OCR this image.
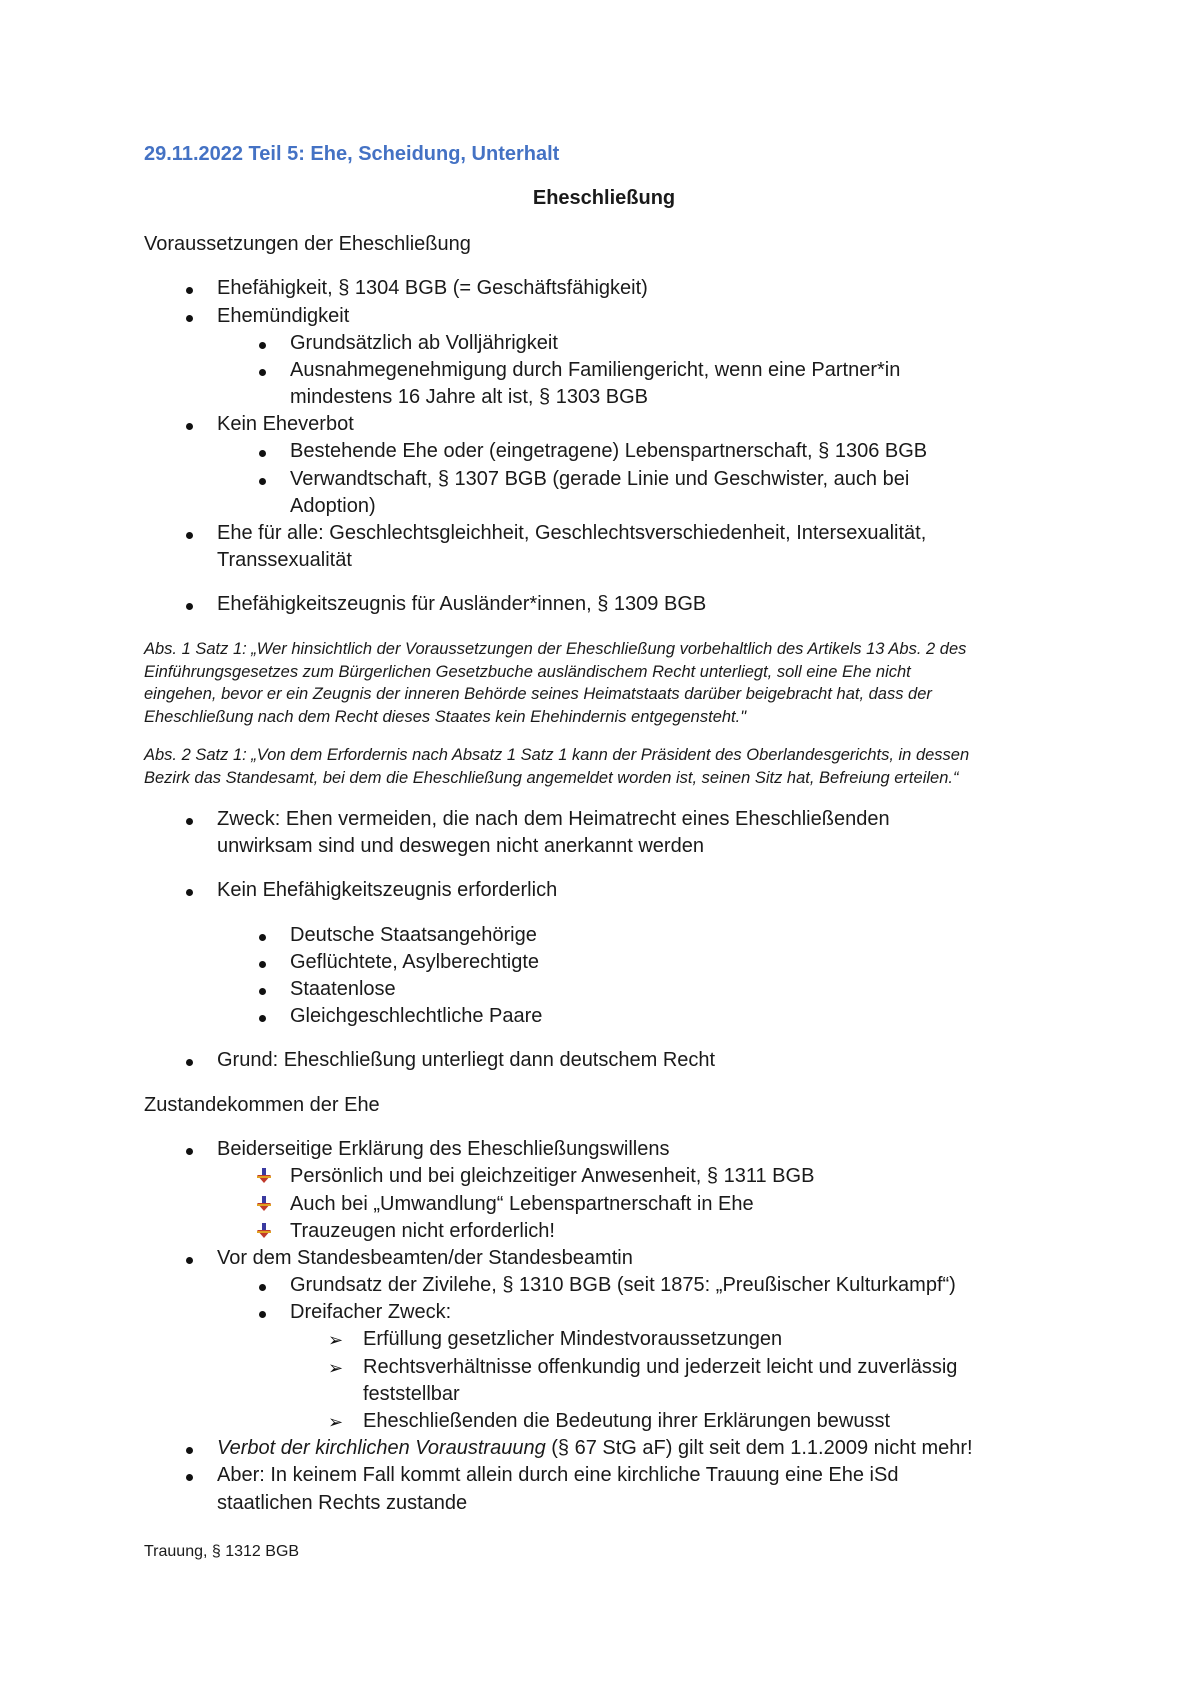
29.11.2022 Teil 5: Ehe, Scheidung, Unterhalt

Eheschließung

Voraussetzungen der Eheschließung

Ehefähigkeit, § 1304 BGB (= Geschäftsfähigkeit)
Ehemündigkeit
Grundsätzlich ab Volljährigkeit
Ausnahmegenehmigung durch Familiengericht, wenn eine Partner*in
mindestens 16 Jahre alt ist, § 1303 BGB
Kein Eheverbot
Bestehende Ehe oder (eingetragene) Lebenspartnerschaft, § 1306 BGB
Verwandtschaft, § 1307 BGB (gerade Linie und Geschwister, auch bei
Adoption)
Ehe für alle: Geschlechtsgleichheit, Geschlechtsverschiedenheit, Intersexualität,
Transsexualität
Ehefähigkeitszeugnis für Ausländer*innen, § 1309 BGB
Abs. 1 Satz 1: „Wer hinsichtlich der Voraussetzungen der Eheschließung vorbehaltlich des Artikels 13 Abs. 2 des
Einführungsgesetzes zum Bürgerlichen Gesetzbuche ausländischem Recht unterliegt, soll eine Ehe nicht
eingehen, bevor er ein Zeugnis der inneren Behörde seines Heimatstaats darüber beigebracht hat, dass der
Eheschließung nach dem Recht dieses Staates kein Ehehindernis entgegensteht."
Abs. 2 Satz 1: „Von dem Erfordernis nach Absatz 1 Satz 1 kann der Präsident des Oberlandesgerichts, in dessen
Bezirk das Standesamt, bei dem die Eheschließung angemeldet worden ist, seinen Sitz hat, Befreiung erteilen.“
Zweck: Ehen vermeiden, die nach dem Heimatrecht eines Eheschließenden
unwirksam sind und deswegen nicht anerkannt werden
Kein Ehefähigkeitszeugnis erforderlich
Deutsche Staatsangehörige
Geflüchtete, Asylberechtigte
Staatenlose
Gleichgeschlechtliche Paare
Grund: Eheschließung unterliegt dann deutschem Recht

Zustandekommen der Ehe

Beiderseitige Erklärung des Eheschließungswillens
Persönlich und bei gleichzeitiger Anwesenheit, § 1311 BGB
Auch bei „Umwandlung“ Lebenspartnerschaft in Ehe
Trauzeugen nicht erforderlich!
Vor dem Standesbeamten/der Standesbeamtin
Grundsatz der Zivilehe, § 1310 BGB (seit 1875: „Preußischer Kulturkampf“)
Dreifacher Zweck:
➢ Erfüllung gesetzlicher Mindestvoraussetzungen
➢ Rechtsverhältnisse offenkundig und jederzeit leicht und zuverlässig
feststellbar
➢ Eheschließenden die Bedeutung ihrer Erklärungen bewusst
Verbot der kirchlichen Voraustrauung (§ 67 StG aF) gilt seit dem 1.1.2009 nicht mehr!
Aber: In keinem Fall kommt allein durch eine kirchliche Trauung eine Ehe iSd
staatlichen Rechts zustande

Trauung, § 1312 BGB
